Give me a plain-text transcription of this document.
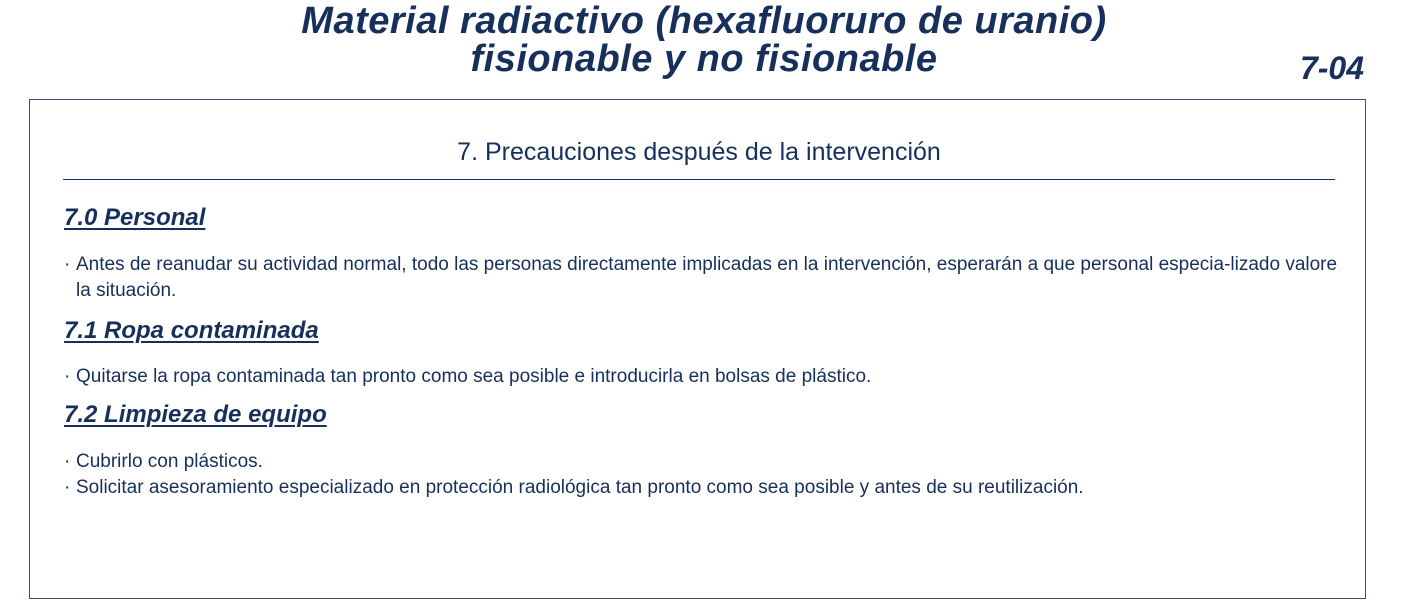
Material radiactivo (hexafluoruro de uranio)
fisionable y no fisionable	7-04
7. Precauciones después de la intervención
7.0 Personal
· Antes de reanudar su actividad normal, todo las personas directamente implicadas en la intervención, esperarán a que personal especia-lizado valore la situación.
7.1 Ropa contaminada
· Quitarse la ropa contaminada tan pronto como sea posible e introducirla en bolsas de plástico.
7.2 Limpieza de equipo
· Cubrirlo con plásticos.
· Solicitar asesoramiento especializado en protección radiológica tan pronto como sea posible y antes de su reutilización.
